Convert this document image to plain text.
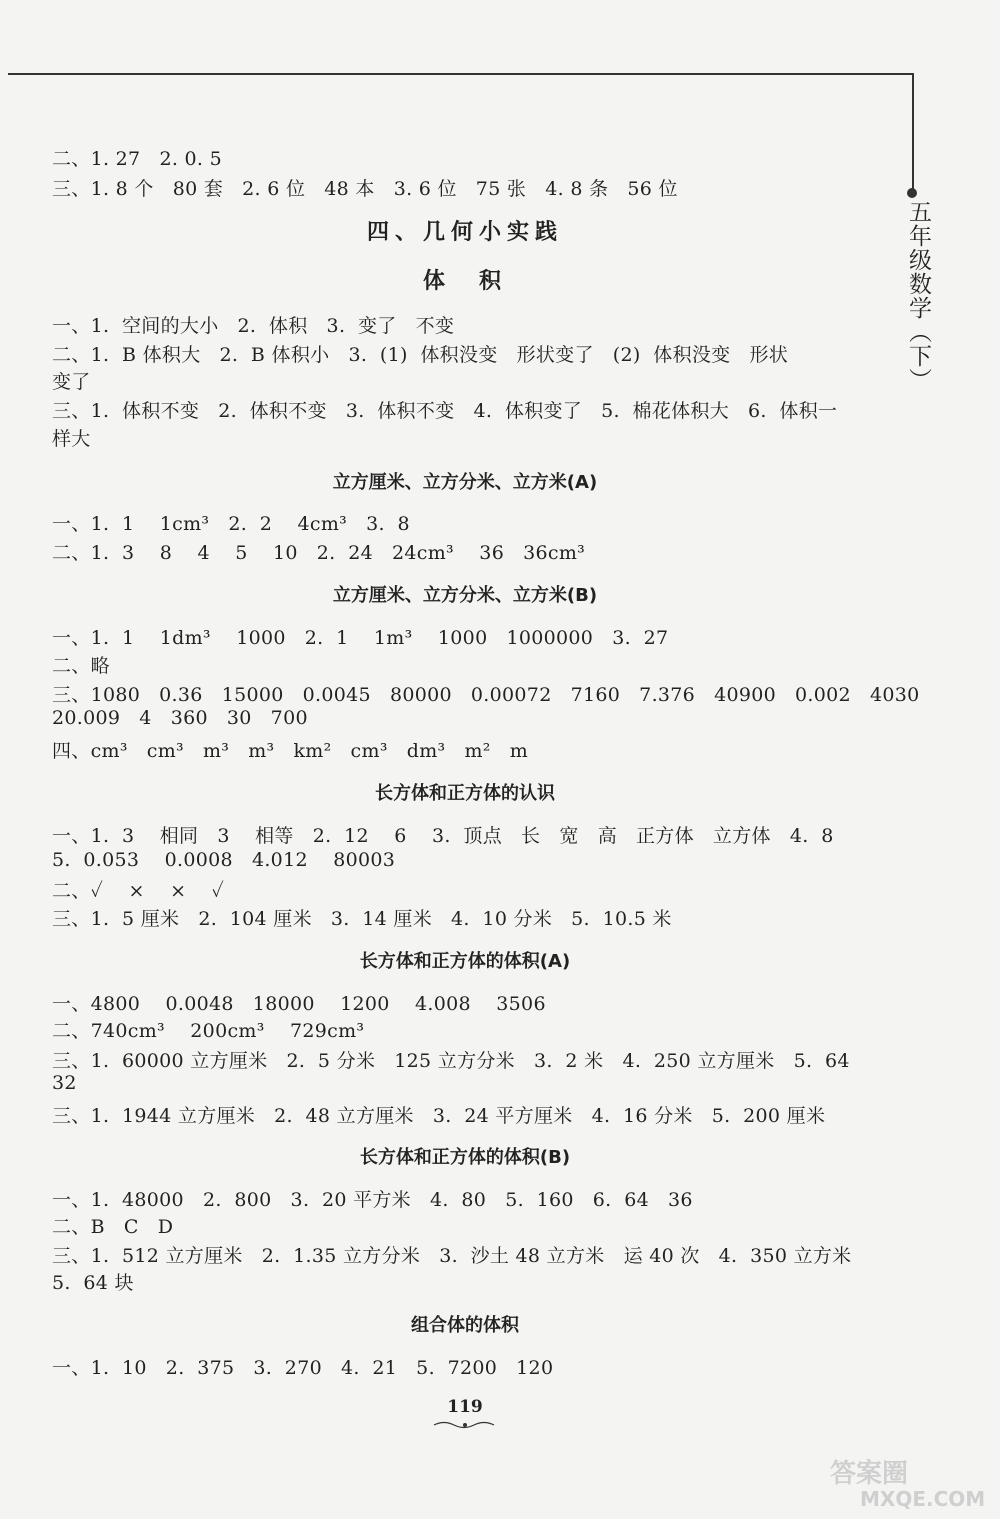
五年级数学（下）
二、1. 27   2. 0. 5
三、1. 8 个   80 套   2. 6 位   48 本   3. 6 位   75 张   4. 8 条   56 位
四、几何小实践
体　积
一、1.  空间的大小   2.  体积   3.  变了   不变
二、1.  B 体积大   2.  B 体积小   3.  (1)  体积没变   形状变了   (2)  体积没变   形状
变了
三、1.  体积不变   2.  体积不变   3.  体积不变   4.  体积变了   5.  棉花体积大   6.  体积一
样大
立方厘米、立方分米、立方米(A)
一、1.  1    1cm³   2.  2    4cm³   3.  8
二、1.  3    8    4    5    10   2.  24   24cm³    36   36cm³
立方厘米、立方分米、立方米(B)
一、1.  1    1dm³    1000   2.  1    1m³    1000   1000000   3.  27
二、略
三、1080   0.36   15000   0.0045   80000   0.00072   7160   7.376   40900   0.002   4030
20.009   4   360   30   700
四、cm³   cm³   m³   m³   km²   cm³   dm³   m²   m
长方体和正方体的认识
一、1.  3    相同   3    相等   2.  12    6    3.  顶点   长   宽   高   正方体   立方体   4.  8
5.  0.053    0.0008   4.012    80003
二、✓    ×    ×    ✓
三、1.  5 厘米   2.  104 厘米   3.  14 厘米   4.  10 分米   5.  10.5 米
长方体和正方体的体积(A)
一、4800    0.0048   18000    1200    4.008    3506
二、740cm³    200cm³    729cm³
三、1.  60000 立方厘米   2.  5 分米   125 立方分米   3.  2 米   4.  250 立方厘米   5.  64
32
三、1.  1944 立方厘米   2.  48 立方厘米   3.  24 平方厘米   4.  16 分米   5.  200 厘米
长方体和正方体的体积(B)
一、1.  48000   2.  800   3.  20 平方米   4.  80   5.  160   6.  64   36
二、B   C   D
三、1.  512 立方厘米   2.  1.35 立方分米   3.  沙土 48 立方米   运 40 次   4.  350 立方米
5.  64 块
组合体的体积
一、1.  10   2.  375   3.  270   4.  21   5.  7200   120
119
答案圈
MXQE.COM
